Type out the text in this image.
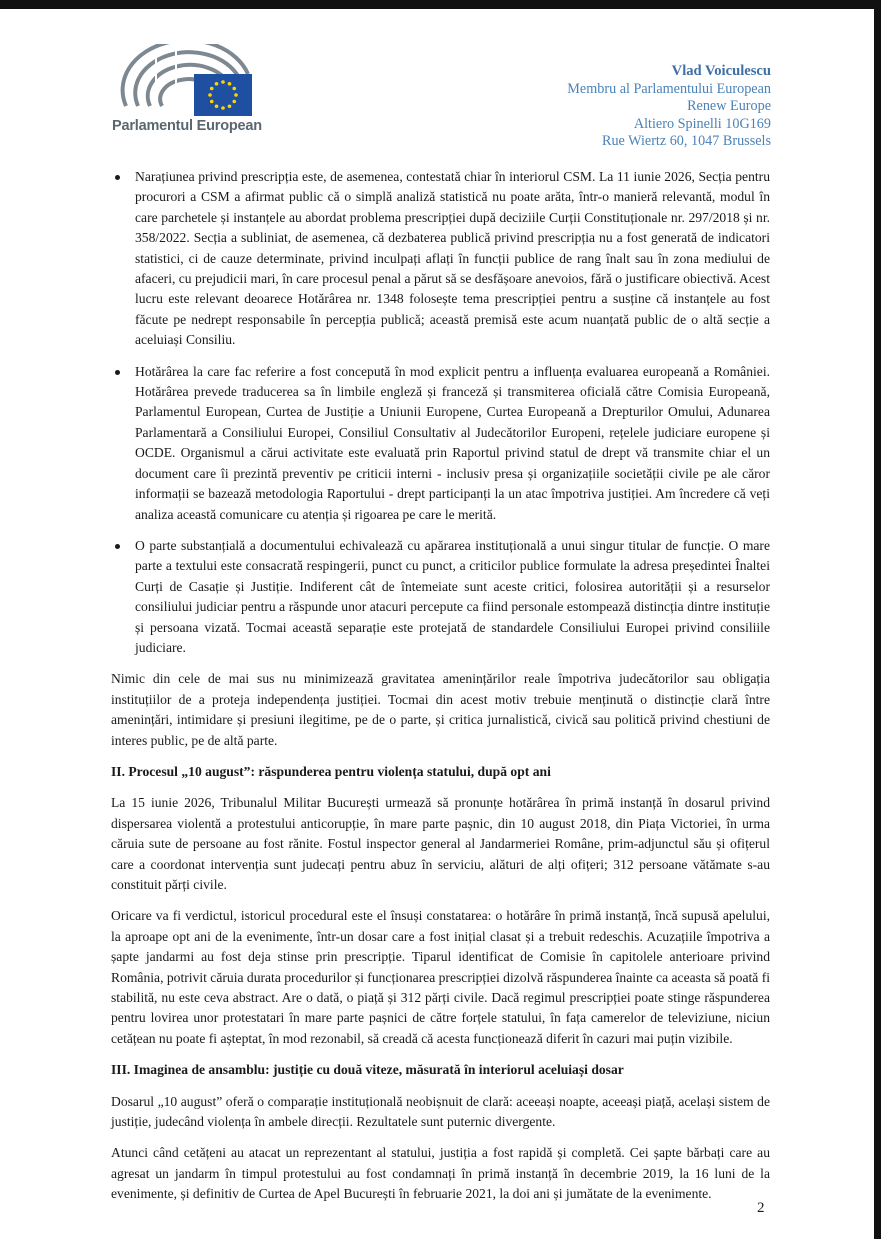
Parlamentul European
Vlad Voiculescu
Membru al Parlamentului European
Renew Europe
Altiero Spinelli 10G169
Rue Wiertz 60, 1047 Brussels
Narațiunea privind prescripția este, de asemenea, contestată chiar în interiorul CSM. La 11 iunie 2026, Secția pentru procurori a CSM a afirmat public că o simplă analiză statistică nu poate arăta, într-o manieră relevantă, modul în care parchetele și instanțele au abordat problema prescripției după deciziile Curții Constituționale nr. 297/2018 și nr. 358/2022. Secția a subliniat, de asemenea, că dezbaterea publică privind prescripția nu a fost generată de indicatori statistici, ci de cauze determinate, privind inculpați aflați în funcții publice de rang înalt sau în zona mediului de afaceri, cu prejudicii mari, în care procesul penal a părut să se desfășoare anevoios, fără o justificare obiectivă. Acest lucru este relevant deoarece Hotărârea nr. 1348 folosește tema prescripției pentru a susține că instanțele au fost făcute pe nedrept responsabile în percepția publică; această premisă este acum nuanțată public de o altă secție a aceluiași Consiliu.
Hotărârea la care fac referire a fost concepută în mod explicit pentru a influența evaluarea europeană a României. Hotărârea prevede traducerea sa în limbile engleză și franceză și transmiterea oficială către Comisia Europeană, Parlamentul European, Curtea de Justiție a Uniunii Europene, Curtea Europeană a Drepturilor Omului, Adunarea Parlamentară a Consiliului Europei, Consiliul Consultativ al Judecătorilor Europeni, rețelele judiciare europene și OCDE. Organismul a cărui activitate este evaluată prin Raportul privind statul de drept vă transmite chiar el un document care îi prezintă preventiv pe criticii interni - inclusiv presa și organizațiile societății civile pe ale căror informații se bazează metodologia Raportului - drept participanți la un atac împotriva justiției. Am încredere că veți analiza această comunicare cu atenția și rigoarea pe care le merită.
O parte substanțială a documentului echivalează cu apărarea instituțională a unui singur titular de funcție. O mare parte a textului este consacrată respingerii, punct cu punct, a criticilor publice formulate la adresa președintei Înaltei Curți de Casație și Justiție. Indiferent cât de întemeiate sunt aceste critici, folosirea autorității și a resurselor consiliului judiciar pentru a răspunde unor atacuri percepute ca fiind personale estompează distincția dintre instituție și persoana vizată. Tocmai această separație este protejată de standardele Consiliului Europei privind consiliile judiciare.

Nimic din cele de mai sus nu minimizează gravitatea amenințărilor reale împotriva judecătorilor sau obligația instituțiilor de a proteja independența justiției. Tocmai din acest motiv trebuie menținută o distincție clară între amenințări, intimidare și presiuni ilegitime, pe de o parte, și critica jurnalistică, civică sau politică privind chestiuni de interes public, pe de altă parte.

II. Procesul „10 august”: răspunderea pentru violența statului, după opt ani

La 15 iunie 2026, Tribunalul Militar București urmează să pronunțe hotărârea în primă instanță în dosarul privind dispersarea violentă a protestului anticorupție, în mare parte pașnic, din 10 august 2018, din Piața Victoriei, în urma căruia sute de persoane au fost rănite. Fostul inspector general al Jandarmeriei Române, prim-adjunctul său și ofițerul care a coordonat intervenția sunt judecați pentru abuz în serviciu, alături de alți ofițeri; 312 persoane vătămate s-au constituit părți civile.

Oricare va fi verdictul, istoricul procedural este el însuși constatarea: o hotărâre în primă instanță, încă supusă apelului, la aproape opt ani de la evenimente, într-un dosar care a fost inițial clasat și a trebuit redeschis. Acuzațiile împotriva a șapte jandarmi au fost deja stinse prin prescripție. Tiparul identificat de Comisie în capitolele anterioare privind România, potrivit căruia durata procedurilor și funcționarea prescripției dizolvă răspunderea înainte ca aceasta să poată fi stabilită, nu este ceva abstract. Are o dată, o piață și 312 părți civile. Dacă regimul prescripției poate stinge răspunderea pentru lovirea unor protestatari în mare parte pașnici de către forțele statului, în fața camerelor de televiziune, niciun cetățean nu poate fi așteptat, în mod rezonabil, să creadă că acesta funcționează diferit în cazuri mai puțin vizibile.

III. Imaginea de ansamblu: justiție cu două viteze, măsurată în interiorul aceluiași dosar

Dosarul „10 august” oferă o comparație instituțională neobișnuit de clară: aceeași noapte, aceeași piață, același sistem de justiție, judecând violența în ambele direcții. Rezultatele sunt puternic divergente.

Atunci când cetățeni au atacat un reprezentant al statului, justiția a fost rapidă și completă. Cei șapte bărbați care au agresat un jandarm în timpul protestului au fost condamnați în primă instanță în decembrie 2019, la 16 luni de la evenimente, și definitiv de Curtea de Apel București în februarie 2021, la doi ani și jumătate de la evenimente.

2
